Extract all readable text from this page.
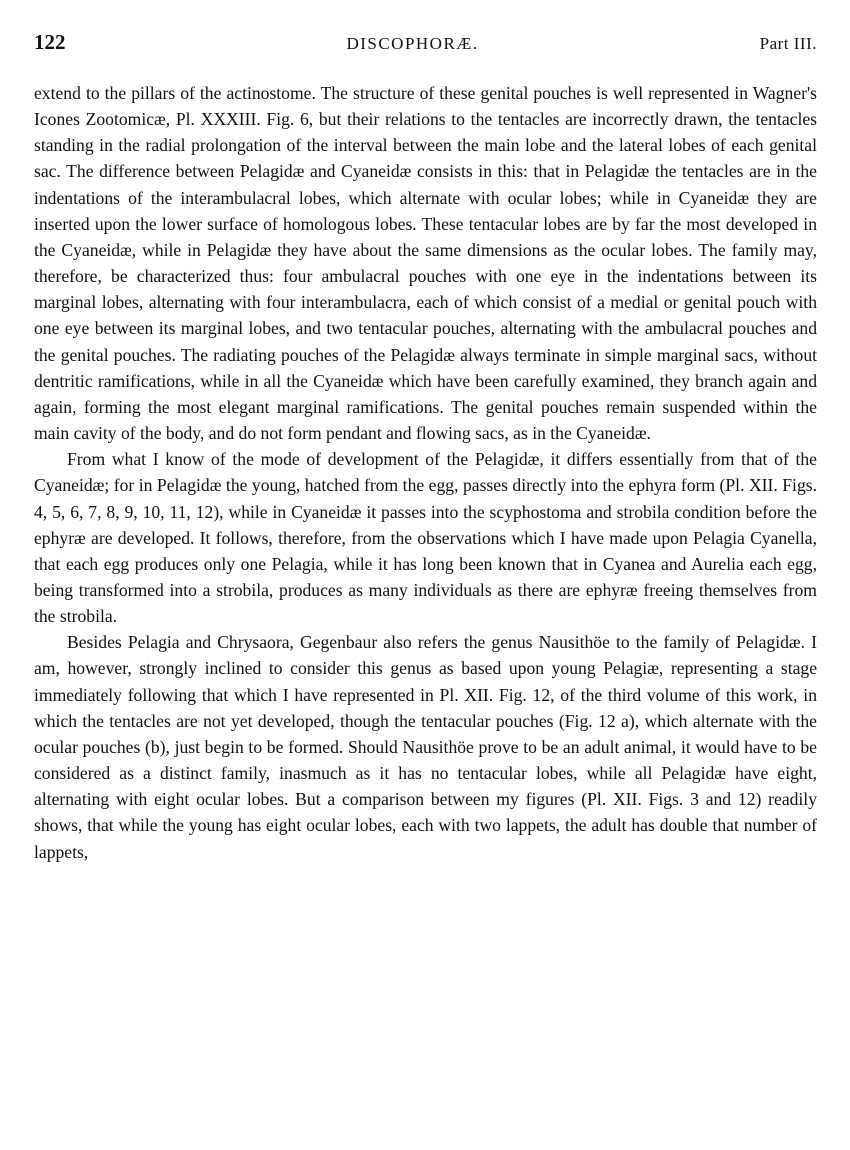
122	DISCOPHORÆ.	Part III.

extend to the pillars of the actinostome. The structure of these genital pouches is well represented in Wagner's Icones Zootomicæ, Pl. XXXIII. Fig. 6, but their relations to the tentacles are incorrectly drawn, the tentacles standing in the radial prolongation of the interval between the main lobe and the lateral lobes of each genital sac. The difference between Pelagidæ and Cyaneidæ consists in this: that in Pelagidæ the tentacles are in the indentations of the interambulacral lobes, which alternate with ocular lobes; while in Cyaneidæ they are inserted upon the lower surface of homologous lobes. These tentacular lobes are by far the most developed in the Cyaneidæ, while in Pelagidæ they have about the same dimensions as the ocular lobes. The family may, therefore, be characterized thus: four ambulacral pouches with one eye in the indentations between its marginal lobes, alternating with four interambulacra, each of which consist of a medial or genital pouch with one eye between its marginal lobes, and two tentacular pouches, alternating with the ambulacral pouches and the genital pouches. The radiating pouches of the Pelagidæ always terminate in simple marginal sacs, without dentritic ramifications, while in all the Cyaneidæ which have been carefully examined, they branch again and again, forming the most elegant marginal ramifications. The genital pouches remain suspended within the main cavity of the body, and do not form pendant and flowing sacs, as in the Cyaneidæ.

From what I know of the mode of development of the Pelagidæ, it differs essentially from that of the Cyaneidæ; for in Pelagidæ the young, hatched from the egg, passes directly into the ephyra form (Pl. XII. Figs. 4, 5, 6, 7, 8, 9, 10, 11, 12), while in Cyaneidæ it passes into the scyphostoma and strobila condition before the ephyræ are developed. It follows, therefore, from the observations which I have made upon Pelagia Cyanella, that each egg produces only one Pelagia, while it has long been known that in Cyanea and Aurelia each egg, being transformed into a strobila, produces as many individuals as there are ephyræ freeing themselves from the strobila.

Besides Pelagia and Chrysaora, Gegenbaur also refers the genus Nausithöe to the family of Pelagidæ. I am, however, strongly inclined to consider this genus as based upon young Pelagiæ, representing a stage immediately following that which I have represented in Pl. XII. Fig. 12, of the third volume of this work, in which the tentacles are not yet developed, though the tentacular pouches (Fig. 12 a), which alternate with the ocular pouches (b), just begin to be formed. Should Nausithöe prove to be an adult animal, it would have to be considered as a distinct family, inasmuch as it has no tentacular lobes, while all Pelagidæ have eight, alternating with eight ocular lobes. But a comparison between my figures (Pl. XII. Figs. 3 and 12) readily shows, that while the young has eight ocular lobes, each with two lappets, the adult has double that number of lappets,
